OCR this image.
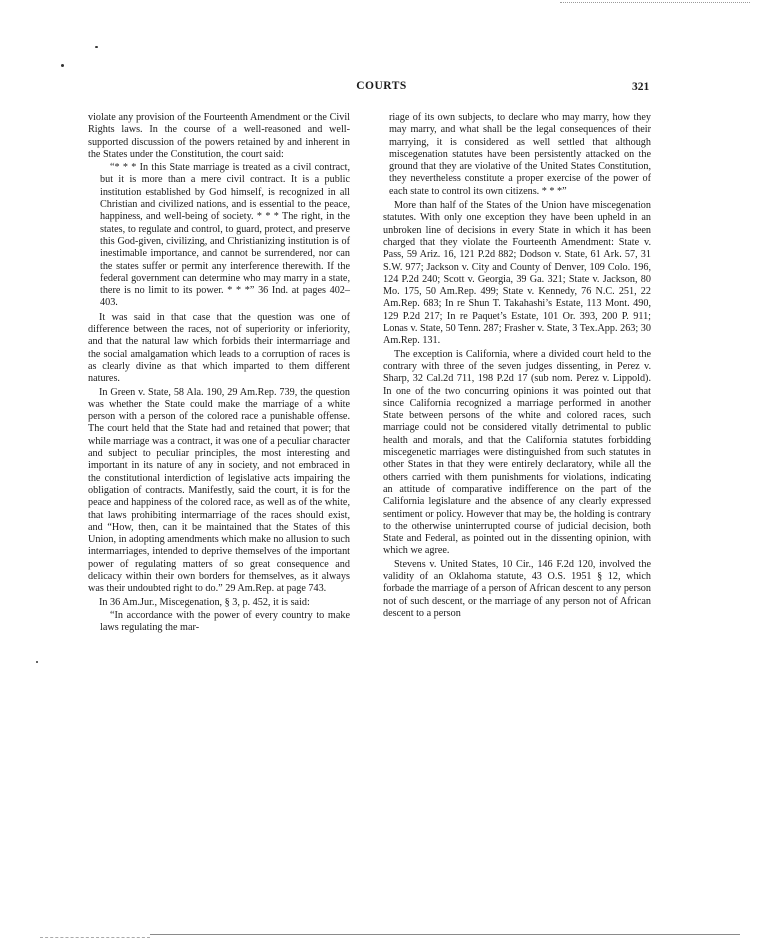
COURTS	321

violate any provision of the Fourteenth Amendment or the Civil Rights laws. In the course of a well-reasoned and well-supported discussion of the powers retained by and inherent in the States under the Constitution, the court said:

“* * * In this State marriage is treated as a civil contract, but it is more than a mere civil contract. It is a public institution established by God himself, is recognized in all Christian and civilized nations, and is essential to the peace, happiness, and well-being of society. * * * The right, in the states, to regulate and control, to guard, protect, and preserve this God-given, civilizing, and Christianizing institution is of inestimable importance, and cannot be surrendered, nor can the states suffer or permit any interference therewith. If the federal government can determine who may marry in a state, there is no limit to its power. * * *” 36 Ind. at pages 402–403.

It was said in that case that the question was one of difference between the races, not of superiority or inferiority, and that the natural law which forbids their intermarriage and the social amalgamation which leads to a corruption of races is as clearly divine as that which imparted to them different natures.

In Green v. State, 58 Ala. 190, 29 Am.Rep. 739, the question was whether the State could make the marriage of a white person with a person of the colored race a punishable offense. The court held that the State had and retained that power; that while marriage was a contract, it was one of a peculiar character and subject to peculiar principles, the most interesting and important in its nature of any in society, and not embraced in the constitutional interdiction of legislative acts impairing the obligation of contracts. Manifestly, said the court, it is for the peace and happiness of the colored race, as well as of the white, that laws prohibiting intermarriage of the races should exist, and “How, then, can it be maintained that the States of this Union, in adopting amendments which make no allusion to such intermarriages, intended to deprive themselves of the important power of regulating matters of so great consequence and delicacy within their own borders for themselves, as it always was their undoubted right to do.” 29 Am.Rep. at page 743.

In 36 Am.Jur., Miscegenation, § 3, p. 452, it is said:

“In accordance with the power of every country to make laws regulating the mar-

riage of its own subjects, to declare who may marry, how they may marry, and what shall be the legal consequences of their marrying, it is considered as well settled that although miscegenation statutes have been persistently attacked on the ground that they are violative of the United States Constitution, they nevertheless constitute a proper exercise of the power of each state to control its own citizens. * * *”

More than half of the States of the Union have miscegenation statutes. With only one exception they have been upheld in an unbroken line of decisions in every State in which it has been charged that they violate the Fourteenth Amendment: State v. Pass, 59 Ariz. 16, 121 P.2d 882; Dodson v. State, 61 Ark. 57, 31 S.W. 977; Jackson v. City and County of Denver, 109 Colo. 196, 124 P.2d 240; Scott v. Georgia, 39 Ga. 321; State v. Jackson, 80 Mo. 175, 50 Am.Rep. 499; State v. Kennedy, 76 N.C. 251, 22 Am.Rep. 683; In re Shun T. Takahashi’s Estate, 113 Mont. 490, 129 P.2d 217; In re Paquet’s Estate, 101 Or. 393, 200 P. 911; Lonas v. State, 50 Tenn. 287; Frasher v. State, 3 Tex.App. 263; 30 Am.Rep. 131.

The exception is California, where a divided court held to the contrary with three of the seven judges dissenting, in Perez v. Sharp, 32 Cal.2d 711, 198 P.2d 17 (sub nom. Perez v. Lippold). In one of the two concurring opinions it was pointed out that since California recognized a marriage performed in another State between persons of the white and colored races, such marriage could not be considered vitally detrimental to public health and morals, and that the California statutes forbidding miscegenetic marriages were distinguished from such statutes in other States in that they were entirely declaratory, while all the others carried with them punishments for violations, indicating an attitude of comparative indifference on the part of the California legislature and the absence of any clearly expressed sentiment or policy. However that may be, the holding is contrary to the otherwise uninterrupted course of judicial decision, both State and Federal, as pointed out in the dissenting opinion, with which we agree.

Stevens v. United States, 10 Cir., 146 F.2d 120, involved the validity of an Oklahoma statute, 43 O.S. 1951 § 12, which forbade the marriage of a person of African descent to any person not of such descent, or the marriage of any person not of African descent to a person
